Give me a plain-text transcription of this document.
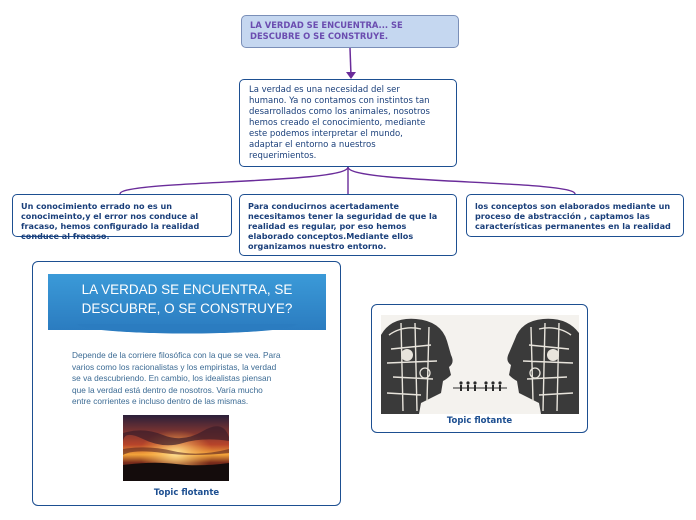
LA VERDAD SE ENCUENTRA... SE DESCUBRE O SE CONSTRUYE.
La verdad es una necesidad del ser
humano. Ya no contamos con instintos tan
desarrollados como los animales, nosotros
hemos creado el conocimiento, mediante
este podemos interpretar el mundo,
adaptar el entorno a nuestros
requerimientos.
Un conocimiento errado no es un
conocimeinto,y el error nos conduce al
fracaso, hemos configurado la realidad
conduce al fracaso.
Para conducirnos acertadamente
necesitamos tener la seguridad de que la
realidad es regular, por eso hemos
elaborado conceptos.Mediante ellos
organizamos nuestro entorno.
los conceptos son elaborados mediante un
proceso de abstracción , captamos las
características permanentes en la realidad
LA VERDAD SE ENCUENTRA, SE
DESCUBRE, O SE CONSTRUYE?
Depende de la corriere filosófica con la que se vea. Para
varios como los racionalistas y los empiristas, la verdad
se va descubriendo. En cambio, los idealistas piensan
que la verdad está dentro de nosotros. Varía mucho
entre corrientes e incluso dentro de las mismas.
Topic flotante
Topic flotante
